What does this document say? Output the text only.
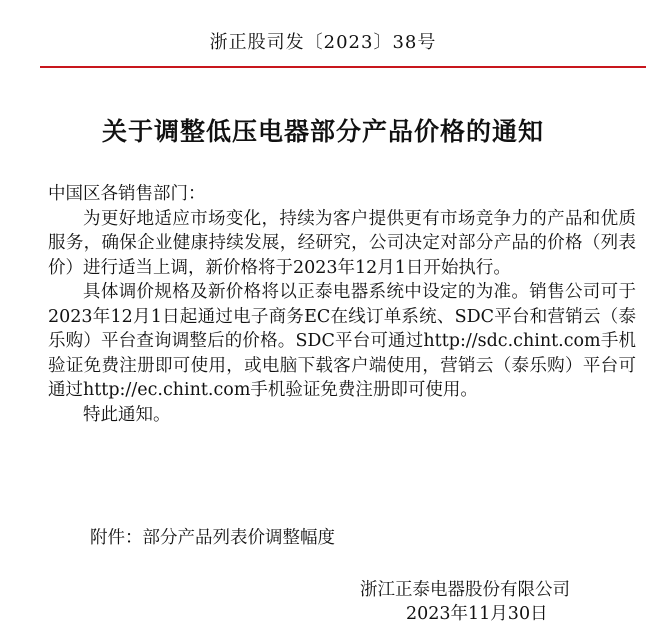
浙正股司发〔2023〕38号
关于调整低压电器部分产品价格的通知

中国区各销售部门：

为更好地适应市场变化，持续为客户提供更有市场竞争力的产品和优质服务，确保企业健康持续发展，经研究，公司决定对部分产品的价格（列表价）进行适当上调，新价格将于2023年12月1日开始执行。

具体调价规格及新价格将以正泰电器系统中设定的为准。销售公司可于2023年12月1日起通过电子商务EC在线订单系统、SDC平台和营销云（泰乐购）平台查询调整后的价格。SDC平台可通过http://sdc.chint.com手机验证免费注册即可使用，或电脑下载客户端使用，营销云（泰乐购）平台可通过http://ec.chint.com手机验证免费注册即可使用。

特此通知。

附件：部分产品列表价调整幅度
浙江正泰电器股份有限公司
2023年11月30日
